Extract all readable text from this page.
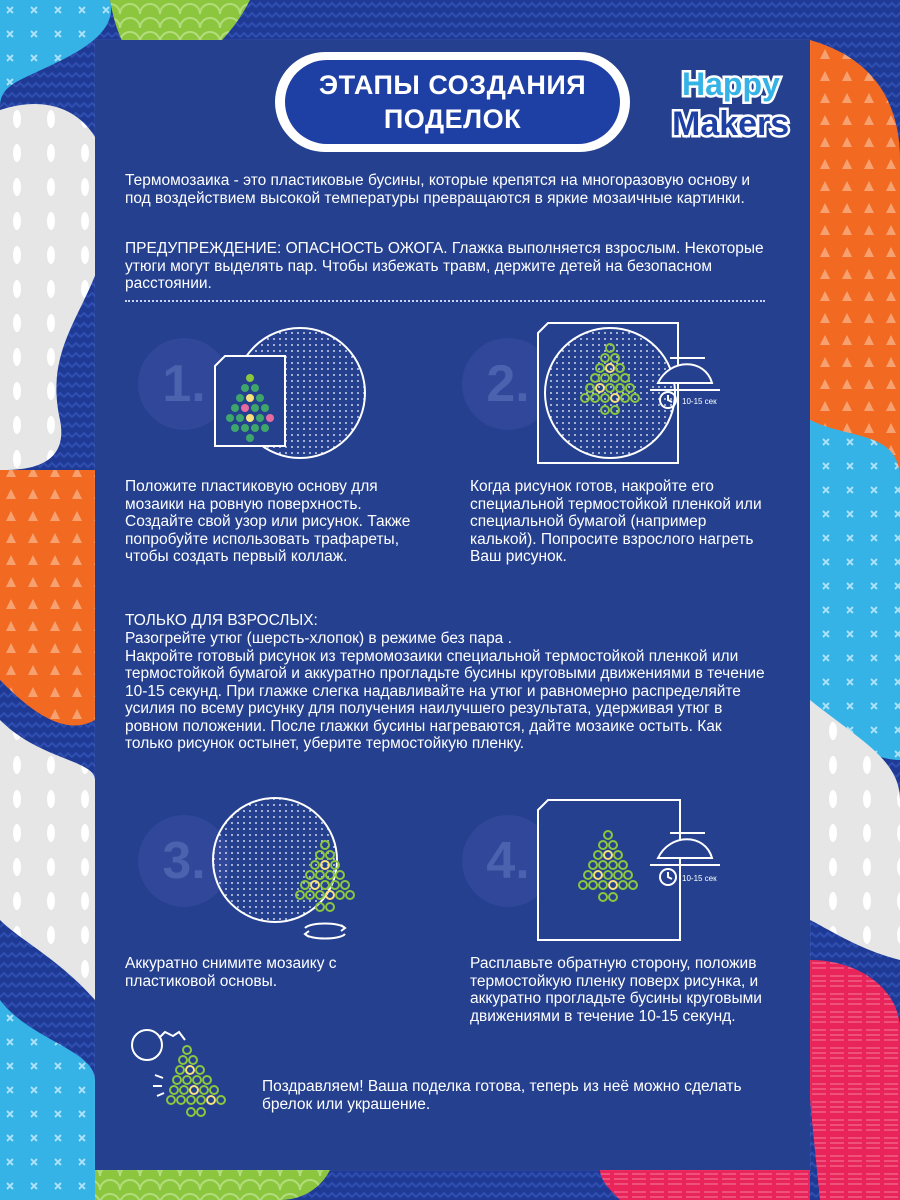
ЭТАПЫ СОЗДАНИЯ
ПОДЕЛОК
Happy
Makers

Термомозаика - это пластиковые бусины, которые крепятся на многоразовую основу и под воздействием высокой температуры превращаются в яркие мозаичные картинки.

ПРЕДУПРЕЖДЕНИЕ: ОПАСНОСТЬ ОЖОГА. Глажка выполняется взрослым. Некоторые утюги могут выделять пар. Чтобы избежать травм, держите детей на безопасном расстоянии.

1.

Положите пластиковую основу для мозаики на ровную поверхность. Создайте свой узор или рисунок. Также попробуйте использовать трафареты, чтобы создать первый коллаж.

2.	10-15 сек

Когда рисунок готов, накройте его специальной термостойкой пленкой или специальной бумагой (например калькой). Попросите взрослого нагреть Ваш рисунок.

ТОЛЬКО ДЛЯ ВЗРОСЛЫХ:

Разогрейте утюг (шерсть-хлопок) в режиме без пара .
Накройте готовый рисунок из термомозаики специальной термостойкой пленкой или термостойкой бумагой и аккуратно прогладьте бусины круговыми движениями в течение 10-15 секунд. При глажке слегка надавливайте на утюг и равномерно распределяйте усилия по всему рисунку для получения наилучшего результата, удерживая утюг в ровном положении. После глажки бусины нагреваются, дайте мозаике остыть. Как только рисунок остынет, уберите термостойкую пленку.

3.

Аккуратно снимите мозаику с пластиковой основы.

4.	10-15 сек

Расплавьте обратную сторону, положив термостойкую пленку поверх рисунка, и аккуратно прогладьте бусины круговыми движениями в течение 10-15 секунд.

Поздравляем! Ваша поделка готова, теперь из неё можно сделать брелок или украшение.
